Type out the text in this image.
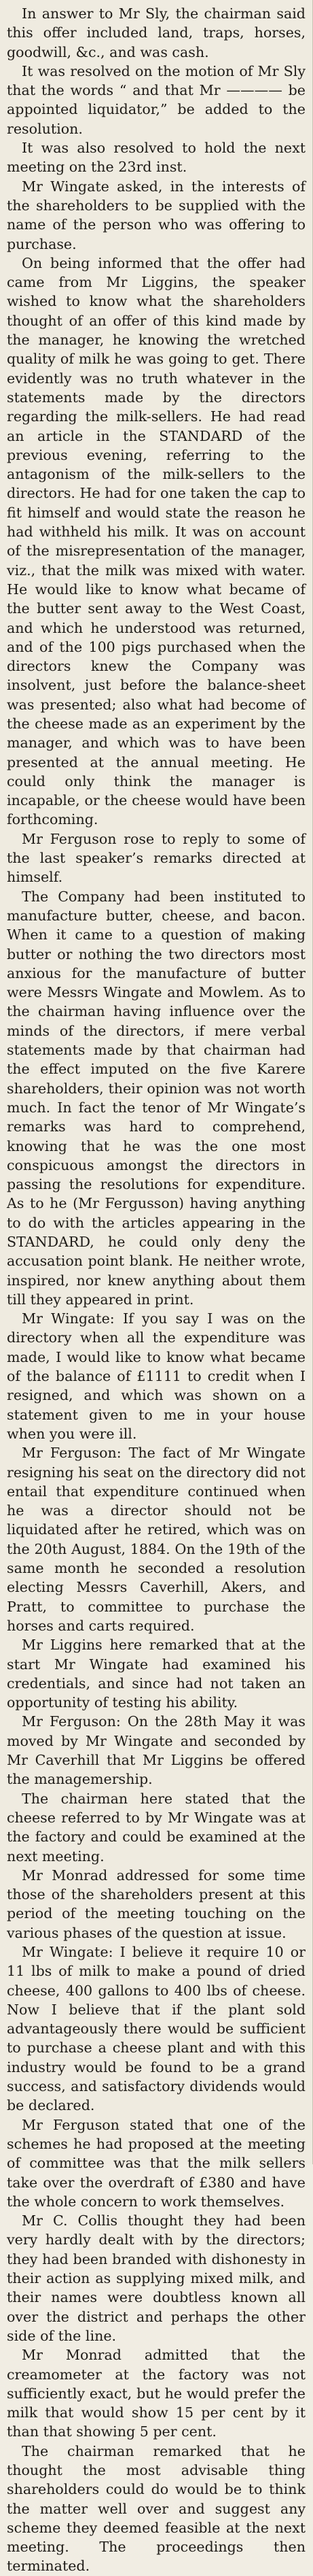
In answer to Mr Sly, the chairman said this offer included land, traps, horses, goodwill, &c., and was cash.

It was resolved on the motion of Mr Sly that the words “ and that Mr ———— be appointed liquidator,” be added to the resolution.

It was also resolved to hold the next meeting on the 23rd inst.

Mr Wingate asked, in the interests of the shareholders to be supplied with the name of the person who was offering to purchase.

On being informed that the offer had came from Mr Liggins, the speaker wished to know what the shareholders thought of an offer of this kind made by the manager, he knowing the wretched quality of milk he was going to get. There evidently was no truth whatever in the statements made by the directors regarding the milk-sellers. He had read an article in the STANDARD of the previous evening, referring to the antagonism of the milk-sellers to the directors. He had for one taken the cap to fit himself and would state the reason he had withheld his milk. It was on account of the misrepresentation of the manager, viz., that the milk was mixed with water. He would like to know what became of the butter sent away to the West Coast, and which he understood was returned, and of the 100 pigs purchased when the directors knew the Company was insolvent, just before the balance-sheet was presented; also what had become of the cheese made as an experiment by the manager, and which was to have been presented at the annual meeting. He could only think the manager is incapable, or the cheese would have been forthcoming.

Mr Ferguson rose to reply to some of the last speaker’s remarks directed at himself.

The Company had been instituted to manufacture butter, cheese, and bacon. When it came to a question of making butter or nothing the two directors most anxious for the manufacture of butter were Messrs Wingate and Mowlem. As to the chairman having influence over the minds of the directors, if mere verbal statements made by that chairman had the effect imputed on the five Karere shareholders, their opinion was not worth much. In fact the tenor of Mr Wingate’s remarks was hard to comprehend, knowing that he was the one most conspicuous amongst the directors in passing the resolutions for expenditure. As to he (Mr Fergusson) having anything to do with the articles appearing in the STANDARD, he could only deny the accusation point blank. He neither wrote, inspired, nor knew anything about them till they appeared in print.

Mr Wingate: If you say I was on the directory when all the expenditure was made, I would like to know what became of the balance of £1111 to credit when I resigned, and which was shown on a statement given to me in your house when you were ill.

Mr Ferguson: The fact of Mr Wingate resigning his seat on the directory did not entail that expenditure continued when he was a director should not be liquidated after he retired, which was on the 20th August, 1884. On the 19th of the same month he seconded a resolution electing Messrs Caverhill, Akers, and Pratt, to committee to purchase the horses and carts required.

Mr Liggins here remarked that at the start Mr Wingate had examined his credentials, and since had not taken an opportunity of testing his ability.

Mr Ferguson: On the 28th May it was moved by Mr Wingate and seconded by Mr Caverhill that Mr Liggins be offered the managemership.

The chairman here stated that the cheese referred to by Mr Wingate was at the factory and could be examined at the next meeting.

Mr Monrad addressed for some time those of the shareholders present at this period of the meeting touching on the various phases of the question at issue.

Mr Wingate: I believe it require 10 or 11 lbs of milk to make a pound of dried cheese, 400 gallons to 400 lbs of cheese. Now I believe that if the plant sold advantageously there would be sufficient to purchase a cheese plant and with this industry would be found to be a grand success, and satisfactory dividends would be declared.

Mr Ferguson stated that one of the schemes he had proposed at the meeting of committee was that the milk sellers take over the overdraft of £380 and have the whole concern to work themselves.

Mr C. Collis thought they had been very hardly dealt with by the directors; they had been branded with dishonesty in their action as supplying mixed milk, and their names were doubtless known all over the district and perhaps the other side of the line.

Mr Monrad admitted that the creamometer at the factory was not sufficiently exact, but he would prefer the milk that would show 15 per cent by it than that showing 5 per cent.

The chairman remarked that he thought the most advisable thing shareholders could do would be to think the matter well over and suggest any scheme they deemed feasible at the next meeting. The proceedings then terminated.
